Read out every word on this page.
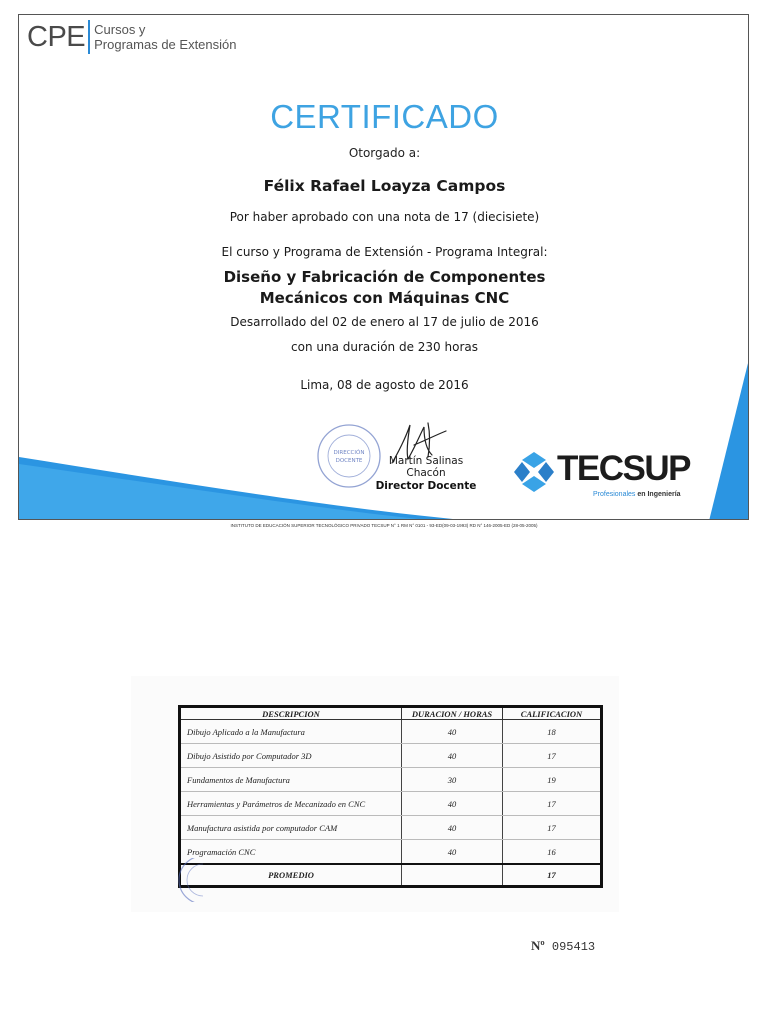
CPE Cursos y
Programas de Extensión
CERTIFICADO
Otorgado a:
Félix Rafael Loayza Campos
Por haber aprobado con una nota de 17 (diecisiete)
El curso y Programa de Extensión - Programa Integral:
Diseño y Fabricación de Componentes
Mecánicos con Máquinas CNC
Desarrollado del 02 de enero al 17 de julio de 2016
con una duración de 230 horas
Lima, 08 de agosto de 2016
DIRECCIÓN
DOCENTE	Martín Salinas Chacón
Director Docente TECSUP
Profesionales en Ingeniería
INSTITUTO DE EDUCACIÓN SUPERIOR TECNOLÓGICO PRIVADO TECSUP N° 1 RM N° 0101 - 93-ED(09-03-1993) RD N° 146-2005-ED (28-05-2005)
DESCRIPCION	DURACION / HORAS	CALIFICACION
Dibujo Aplicado a la Manufactura	40	18
Dibujo Asistido por Computador 3D	40	17
Fundamentos de Manufactura	30	19
Herramientas y Parámetros de Mecanizado en CNC	40	17
Manufactura asistida por computador CAM	40	17
Programación CNC	40	16
PROMEDIO		17
Nº 095413
